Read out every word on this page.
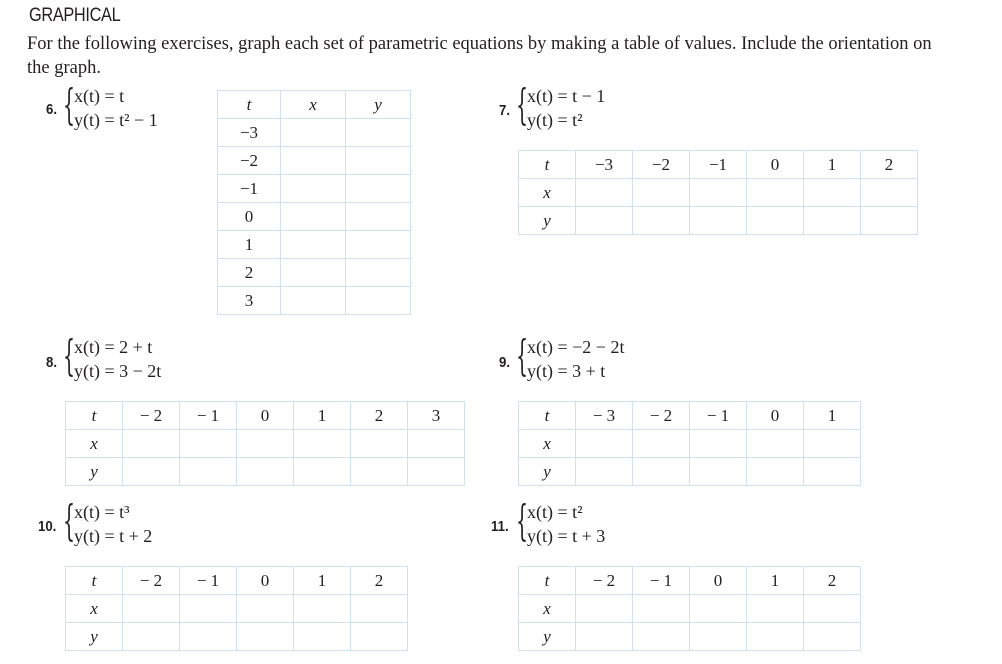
GRAPHICAL
For the following exercises, graph each set of parametric equations by making a table of values. Include the orientation on the graph.
6. {
x(t) = t
y(t) = t² − 1
t	x	y
−3		
−2		
−1		
0		
1		
2		
3		
7. {
x(t) = t − 1
y(t) = t²
t	−3	−2	−1	0	1	2
x						
y						
8. {
x(t) = 2 + t
y(t) = 3 − 2t
t	− 2	− 1	0	1	2	3
x						
y						
9. {
x(t) = −2 − 2t
y(t) = 3 + t
t	− 3	− 2	− 1	0	1
x					
y					
10. {
x(t) = t³
y(t) = t + 2
t	− 2	− 1	0	1	2
x					
y					
11. {
x(t) = t²
y(t) = t + 3
t	− 2	− 1	0	1	2
x					
y					
